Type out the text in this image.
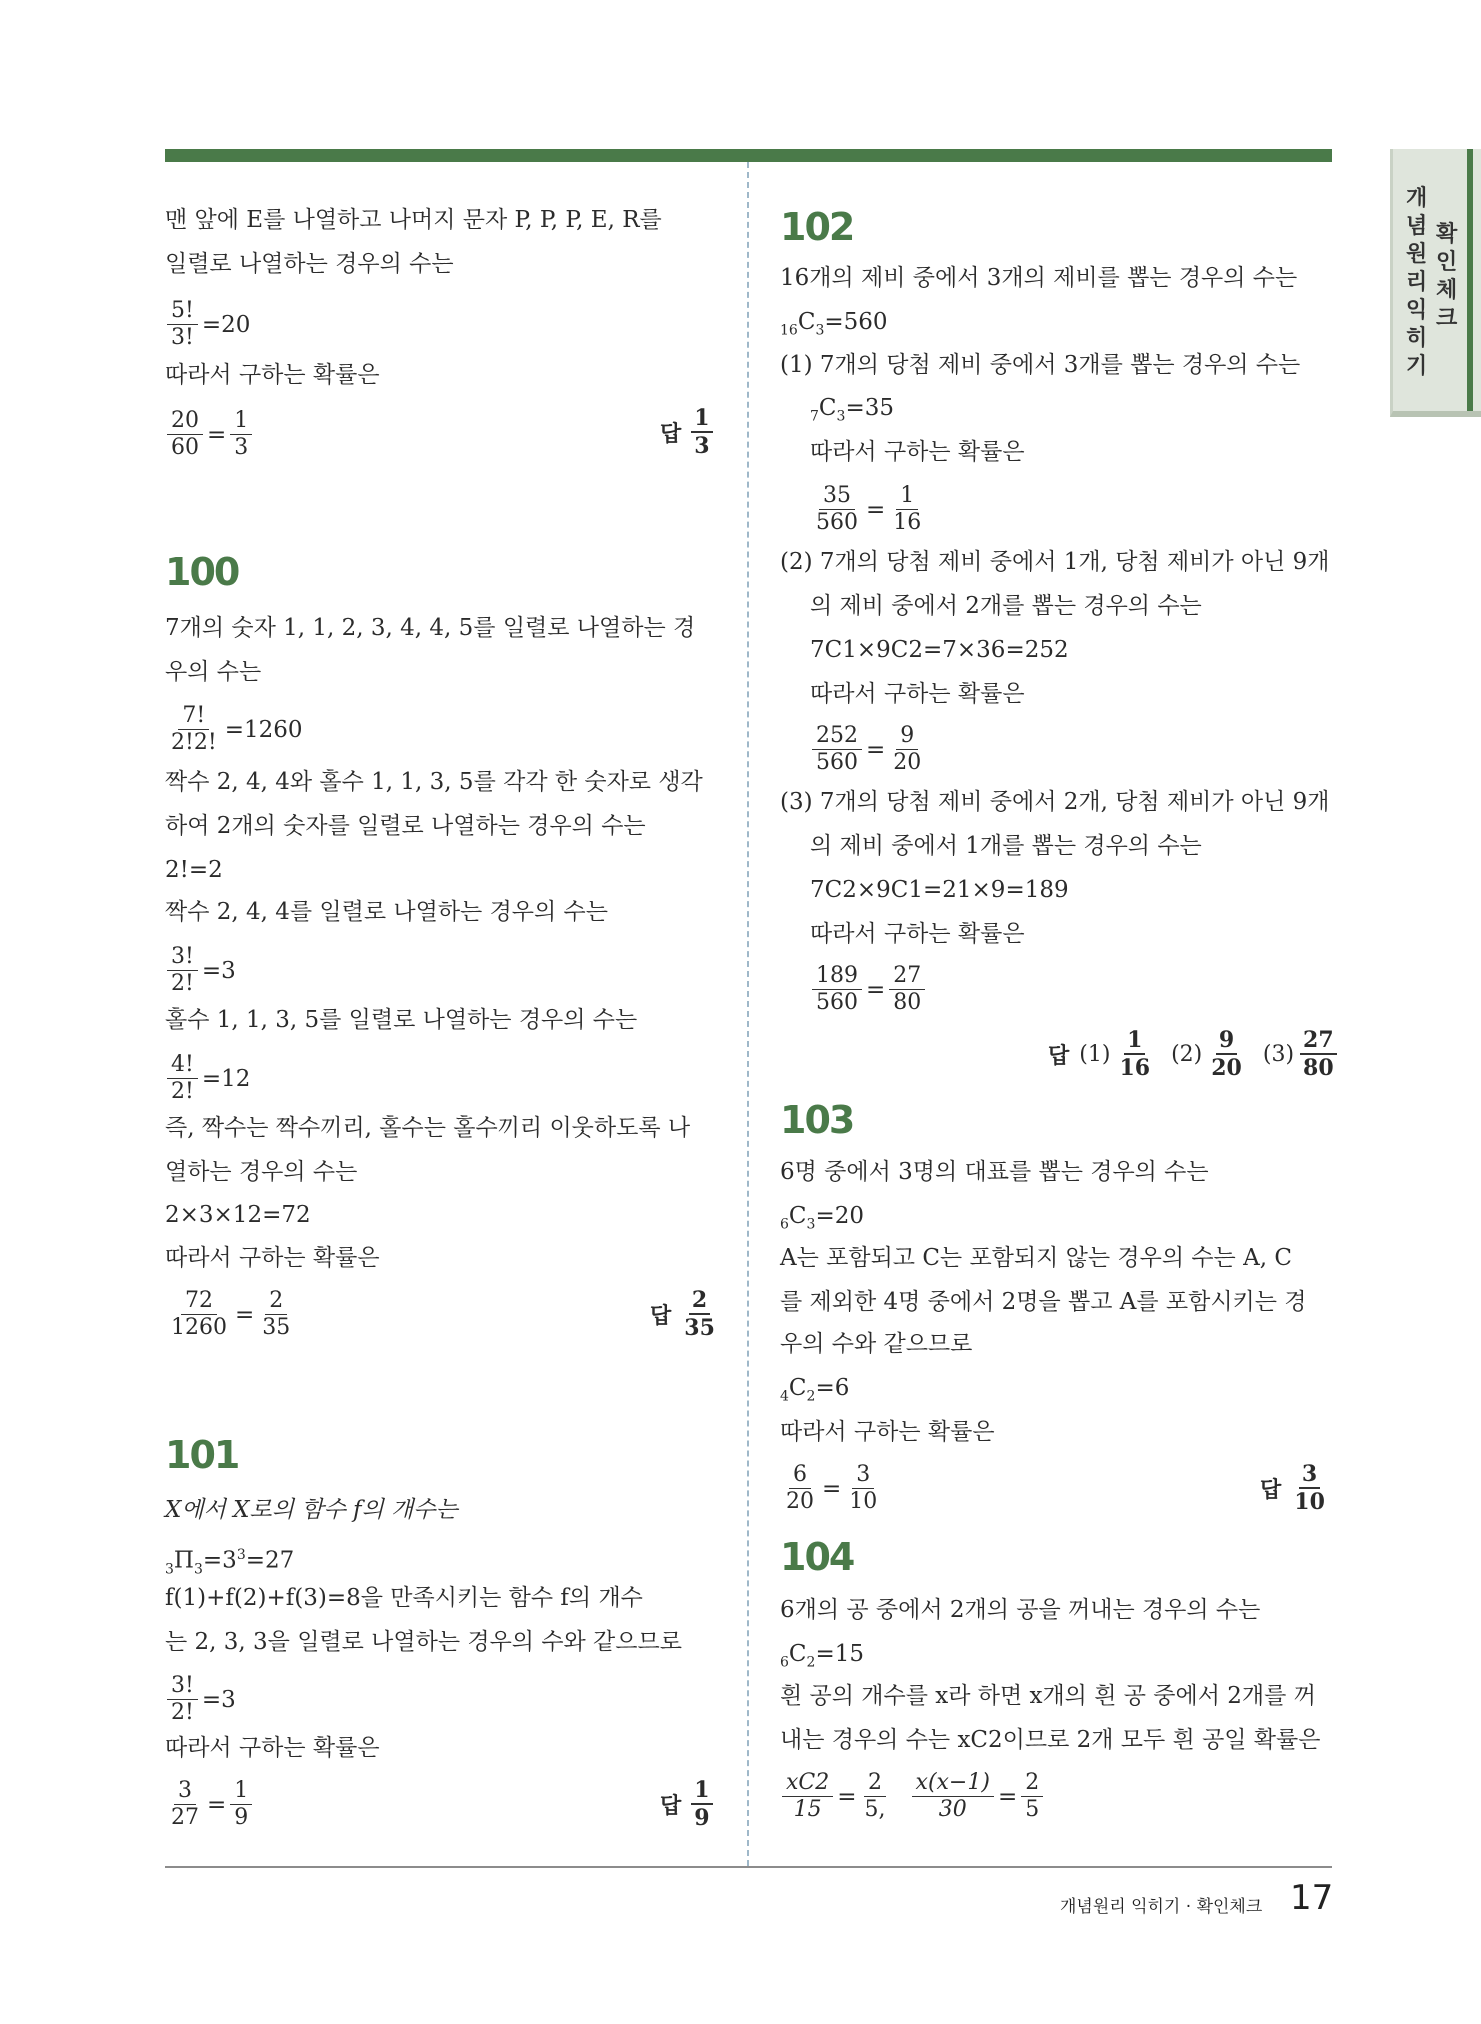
개
념
원
리
익
히
기
확
인
체
크
맨 앞에 E를 나열하고 나머지 문자 P, P, P, E, R를
일렬로 나열하는 경우의 수는
$\frac{5!}{3!} =20$
따라서 구하는 확률은
$\frac{20}{60} = \frac{1}{3}$	답 $\frac{1}{3}$
100
7개의 숫자 1, 1, 2, 3, 4, 4, 5를 일렬로 나열하는 경
우의 수는
$\frac{7!}{2!2!} =1260$
짝수 2, 4, 4와 홀수 1, 1, 3, 5를 각각 한 숫자로 생각
하여 2개의 숫자를 일렬로 나열하는 경우의 수는
2!=2
짝수 2, 4, 4를 일렬로 나열하는 경우의 수는
$\frac{3!}{2!} =3$
홀수 1, 1, 3, 5를 일렬로 나열하는 경우의 수는
$\frac{4!}{2!} =12$
즉, 짝수는 짝수끼리, 홀수는 홀수끼리 이웃하도록 나
열하는 경우의 수는
2×3×12=72
따라서 구하는 확률은
$\frac{72}{1260} = \frac{2}{35}$	답 $\frac{2}{35}$
101
X에서 X로의 함수 f의 개수는
$_3\Pi_3=3^3=27$
f(1)+f(2)+f(3)=8을 만족시키는 함수 f의 개수
는 2, 3, 3을 일렬로 나열하는 경우의 수와 같으므로
$\frac{3!}{2!} =3$
따라서 구하는 확률은
$\frac{3}{27} = \frac{1}{9}$	답 $\frac{1}{9}$
102
16개의 제비 중에서 3개의 제비를 뽑는 경우의 수는
$_{16}C_3=560$
(1) 7개의 당첨 제비 중에서 3개를 뽑는 경우의 수는
$_7C_3=35$
따라서 구하는 확률은
$\frac{35}{560} = \frac{1}{16}$
(2) 7개의 당첨 제비 중에서 1개, 당첨 제비가 아닌 9개
의 제비 중에서 2개를 뽑는 경우의 수는
7C1×9C2=7×36=252
따라서 구하는 확률은
$\frac{252}{560} = \frac{9}{20}$
(3) 7개의 당첨 제비 중에서 2개, 당첨 제비가 아닌 9개
의 제비 중에서 1개를 뽑는 경우의 수는
7C2×9C1=21×9=189
따라서 구하는 확률은
$\frac{189}{560} = \frac{27}{80}$
답 $(1) \frac{1}{16} (2) \frac{9}{20} (3) \frac{27}{80}$
103
6명 중에서 3명의 대표를 뽑는 경우의 수는
$_6C_3=20$
A는 포함되고 C는 포함되지 않는 경우의 수는 A, C
를 제외한 4명 중에서 2명을 뽑고 A를 포함시키는 경
우의 수와 같으므로
$_4C_2=6$
따라서 구하는 확률은
$\frac{6}{20} = \frac{3}{10}$	답 $\frac{3}{10}$
104
6개의 공 중에서 2개의 공을 꺼내는 경우의 수는
$_6C_2=15$
흰 공의 개수를 x라 하면 x개의 흰 공 중에서 2개를 꺼
내는 경우의 수는 xC2이므로 2개 모두 흰 공일 확률은
$\frac{xC2}{15} = \frac{2}{5,} \frac{x(x-1)}{30} = \frac{2}{5}$
개념원리 익히기 · 확인체크 17
